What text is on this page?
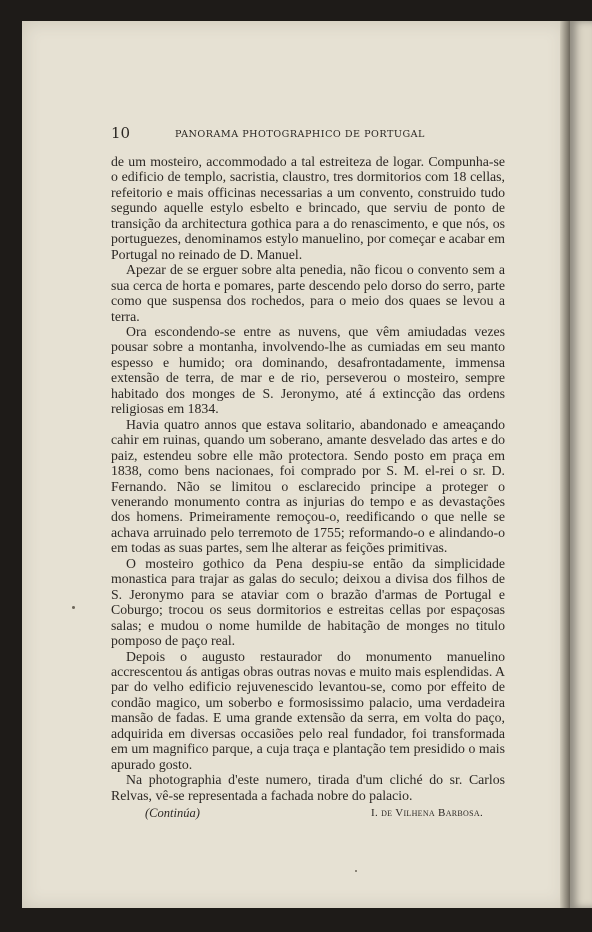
10	PANORAMA PHOTOGRAPHICO DE PORTUGAL

de um mosteiro, accommodado a tal estreiteza de logar. Compunha-se o edificio de templo, sacristia, claustro, tres dormitorios com 18 cellas, refeitorio e mais officinas necessarias a um convento, construido tudo segundo aquelle estylo esbelto e brincado, que serviu de ponto de transição da architectura gothica para a do renascimento, e que nós, os portuguezes, denominamos estylo manuelino, por começar e acabar em Portugal no reinado de D. Manuel.

Apezar de se erguer sobre alta penedia, não ficou o convento sem a sua cerca de horta e pomares, parte descendo pelo dorso do serro, parte como que suspensa dos rochedos, para o meio dos quaes se levou a terra.

Ora escondendo-se entre as nuvens, que vêm amiudadas vezes pousar sobre a montanha, involvendo-lhe as cumiadas em seu manto espesso e humido; ora dominando, desafrontadamente, immensa extensão de terra, de mar e de rio, perseverou o mosteiro, sempre habitado dos monges de S. Jeronymo, até á extincção das ordens religiosas em 1834.

Havia quatro annos que estava solitario, abandonado e ameaçando cahir em ruinas, quando um soberano, amante desvelado das artes e do paiz, estendeu sobre elle mão protectora. Sendo posto em praça em 1838, como bens nacionaes, foi comprado por S. M. el-rei o sr. D. Fernando. Não se limitou o esclarecido principe a proteger o venerando monumento contra as injurias do tempo e as devastações dos homens. Primeiramente remoçou-o, reedificando o que nelle se achava arruinado pelo terremoto de 1755; reformando-o e alindando-o em todas as suas partes, sem lhe alterar as feições primitivas.

O mosteiro gothico da Pena despiu-se então da simplicidade monastica para trajar as galas do seculo; deixou a divisa dos filhos de S. Jeronymo para se ataviar com o brazão d'armas de Portugal e Coburgo; trocou os seus dormitorios e estreitas cellas por espaçosas salas; e mudou o nome humilde de habitação de monges no titulo pomposo de paço real.

Depois o augusto restaurador do monumento manuelino accrescentou ás antigas obras outras novas e muito mais esplendidas. A par do velho edificio rejuvenescido levantou-se, como por effeito de condão magico, um soberbo e formosissimo palacio, uma verdadeira mansão de fadas. E uma grande extensão da serra, em volta do paço, adquirida em diversas occasiões pelo real fundador, foi transformada em um magnifico parque, a cuja traça e plantação tem presidido o mais apurado gosto.

Na photographia d'este numero, tirada d'um cliché do sr. Carlos Relvas, vê-se representada a fachada nobre do palacio.

(Continúa)	I. de Vilhena Barbosa.
